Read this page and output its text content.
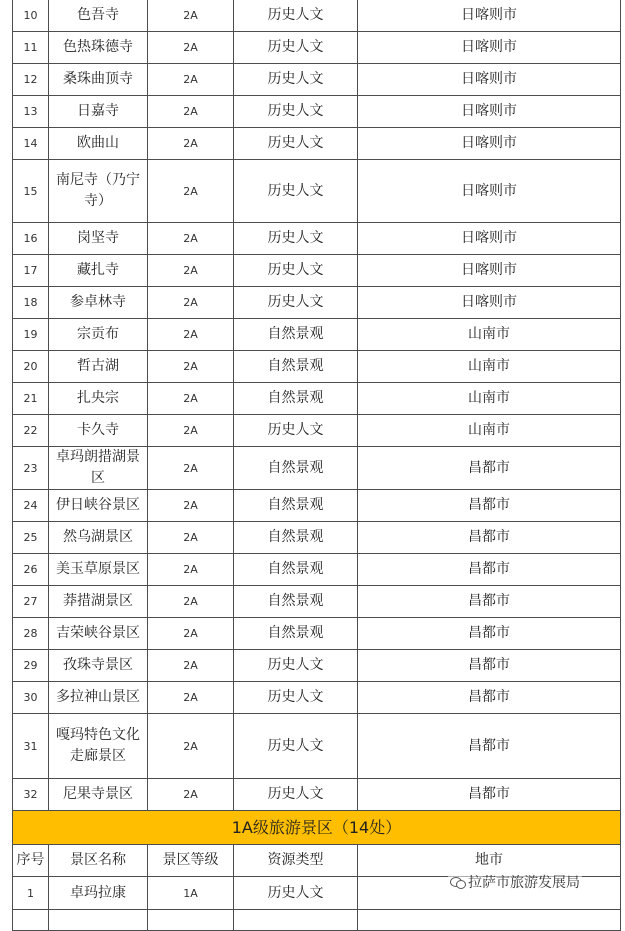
10	色吾寺	2A	历史人文	日喀则市
11	色热珠德寺	2A	历史人文	日喀则市
12	桑珠曲顶寺	2A	历史人文	日喀则市
13	日嘉寺	2A	历史人文	日喀则市
14	欧曲山	2A	历史人文	日喀则市
15	南尼寺（乃宁寺）	2A	历史人文	日喀则市
16	岗坚寺	2A	历史人文	日喀则市
17	藏扎寺	2A	历史人文	日喀则市
18	参卓林寺	2A	历史人文	日喀则市
19	宗贡布	2A	自然景观	山南市
20	哲古湖	2A	自然景观	山南市
21	扎央宗	2A	自然景观	山南市
22	卡久寺	2A	历史人文	山南市
23	卓玛朗措湖景区	2A	自然景观	昌都市
24	伊日峡谷景区	2A	自然景观	昌都市
25	然乌湖景区	2A	自然景观	昌都市
26	美玉草原景区	2A	自然景观	昌都市
27	莽措湖景区	2A	自然景观	昌都市
28	吉荣峡谷景区	2A	自然景观	昌都市
29	孜珠寺景区	2A	历史人文	昌都市
30	多拉神山景区	2A	历史人文	昌都市
31	嘎玛特色文化走廊景区	2A	历史人文	昌都市
32	尼果寺景区	2A	历史人文	昌都市
1A级旅游景区（14处）				
序号	景区名称	景区等级	资源类型	地市
1	卓玛拉康	1A	历史人文	

拉萨市旅游发展局
